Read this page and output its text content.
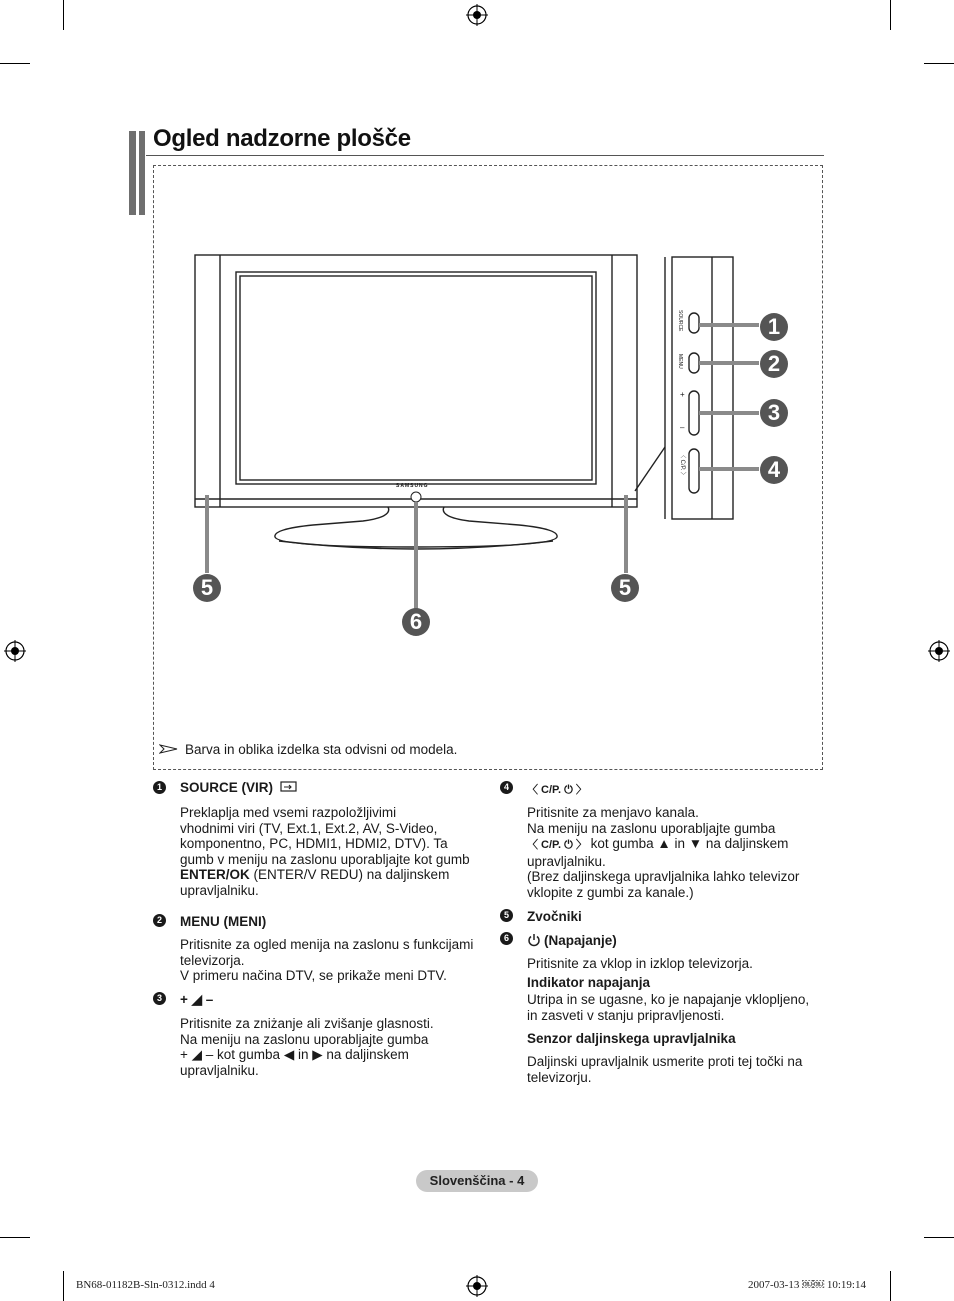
Ogled nadzorne plošče
SAMSUNG
SOURCE
MENU
+
–
〈 C/P. 〉
1
2
3
4
5	5
6
Barva in oblika izdelka sta odvisni od modela.
1 SOURCE (VIR)
Preklaplja med vsemi razpoložljivimi
vhodnimi viri (TV, Ext.1, Ext.2, AV, S-Video,
komponentno, PC, HDMI1, HDMI2, DTV). Ta
gumb v meniju na zaslonu uporabljajte kot gumb
ENTER/OK (ENTER/V REDU) na daljinskem
upravljalniku.
2 MENU (MENI)
Pritisnite za ogled menija na zaslonu s funkcijami
televizorja.
V primeru načina DTV, se prikaže meni DTV.
3 + ◢ –
Pritisnite za zniżanje ali zvišanje glasnosti.
Na meniju na zaslonu uporabljajte gumba
+ ◢ – kot gumba ◀ in ▶ na daljinskem
upravljalniku.
4	〈 C/P. ⏻ 〉
Pritisnite za menjavo kanala.
Na meniju na zaslonu uporabljajte gumba
〈 C/P. ⏻ 〉 kot gumba ▲ in ▼ na daljinskem
upravljalniku.
(Brez daljinskega upravljalnika lahko televizor
vklopite z gumbi za kanale.)
5 Zvočniki
6	(Napajanje)
Pritisnite za vklop in izklop televizorja.
Indikator napajanja
Utripa in se ugasne, ko je napajanje vklopljeno,
in zasveti v stanju pripravljenosti.
Senzor daljinskega upravljalnika
Daljinski upravljalnik usmerite proti tej točki na
televizorju.
Slovenščina - 4
BN68-01182B-Sln-0312.indd 4	2007-03-13 ￼￼ 10:19:14
